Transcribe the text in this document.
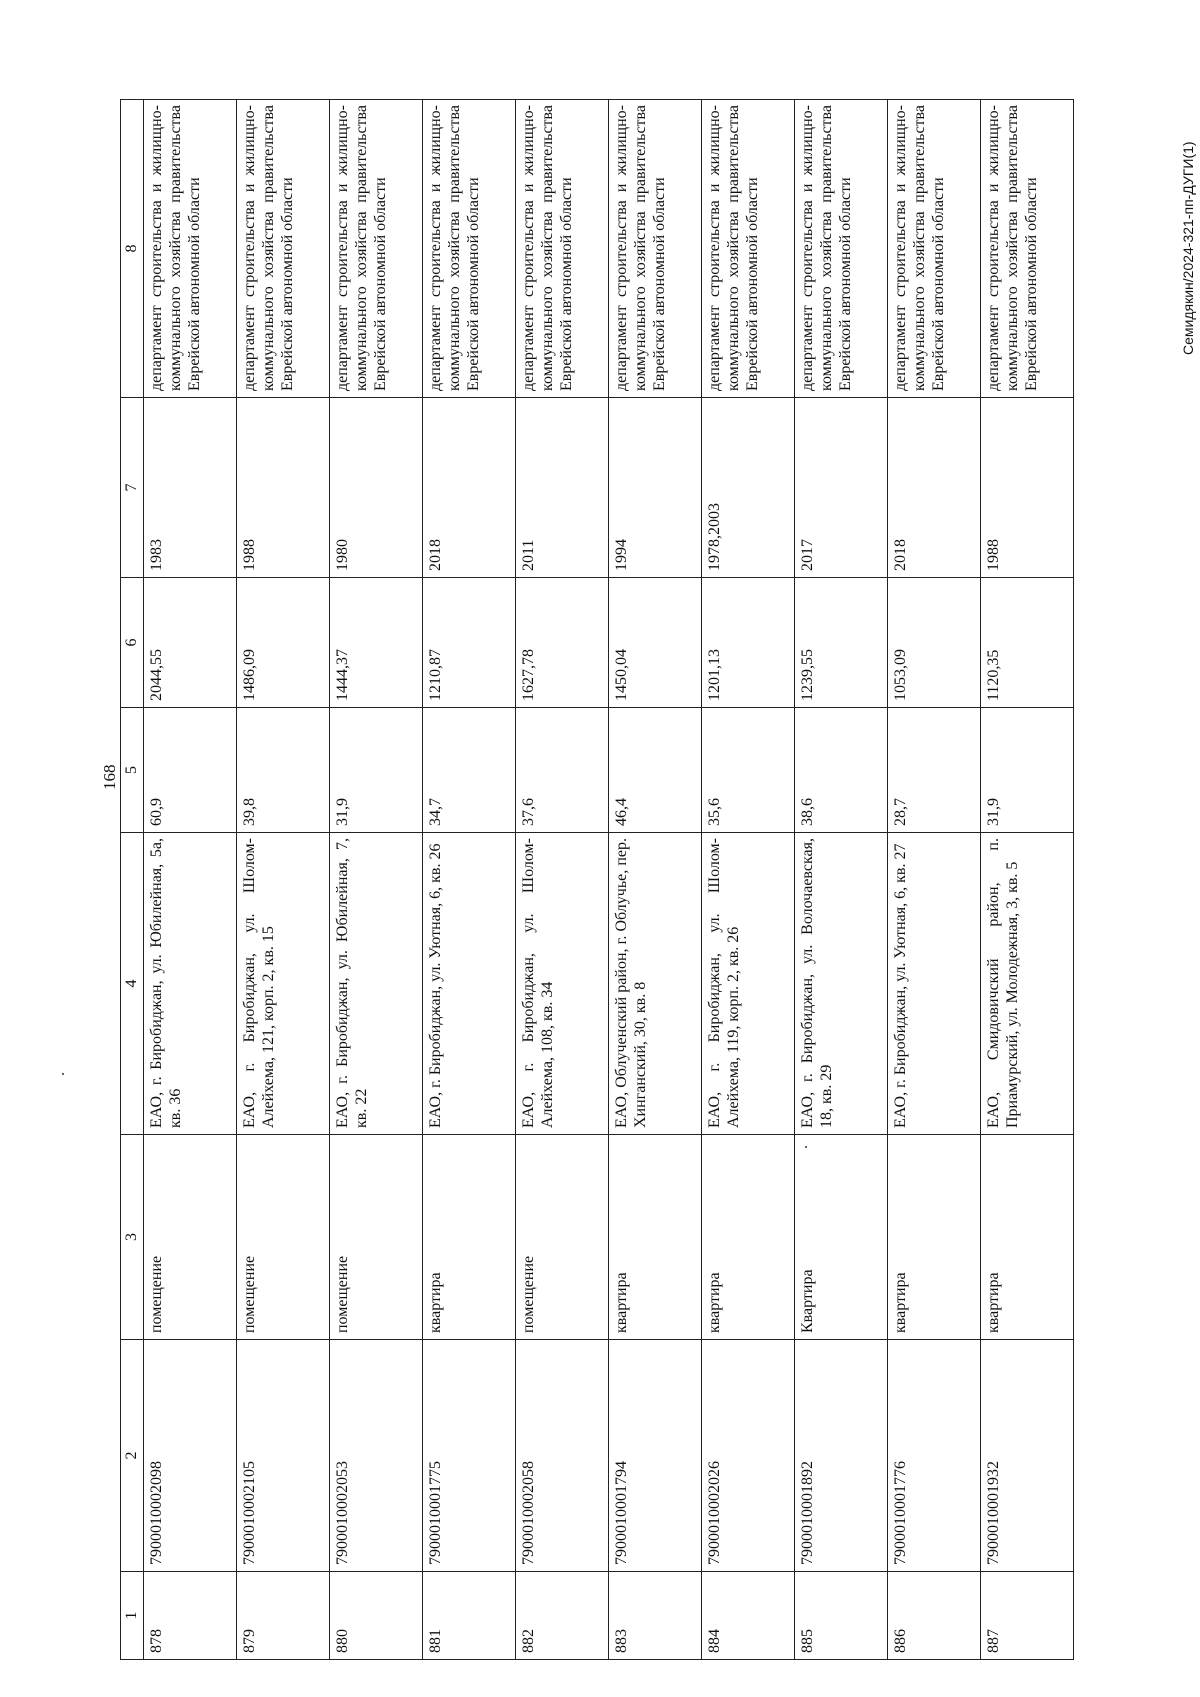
168
1	2	3	4	5	6	7	8
878	790001000209​8	помещение	ЕАО, г. Биробиджан, ул. Юбилейная, 5а, кв. 36	60,9	2044,55	1983	департамент строительства и жилищно-коммунального хозяйства правительства Еврейской автономной области
879	7900010002105	помещение	ЕАО, г. Биробиджан, ул. Шолом-Алейхема, 121, корп. 2, кв. 15	39,8	1486,09	1988	департамент строительства и жилищно-коммунального хозяйства правительства Еврейской автономной области
880	7900010002053	помещение	ЕАО, г. Биробиджан, ул. Юбилейная, 7, кв. 22	31,9	1444,37	1980	департамент строительства и жилищно-коммунального хозяйства правительства Еврейской автономной области
881	7900010001775	квартира	ЕАО, г. Биробиджан, ул. Уютная, 6, кв. 26	34,7	1210,87	2018	департамент строительства и жилищно-коммунального хозяйства правительства Еврейской автономной области
882	7900010002058	помещение	ЕАО, г. Биробиджан, ул. Шолом-Алейхема, 108, кв. 34	37,6	1627,78	2011	департамент строительства и жилищно-коммунального хозяйства правительства Еврейской автономной области
883	7900010001794	квартира	ЕАО, Облученский район, г. Облучье, пер. Хинганский, 30, кв. 8	46,4	1450,04	1994	департамент строительства и жилищно-коммунального хозяйства правительства Еврейской автономной области
884	7900010002026	квартира	ЕАО, г. Биробиджан, ул. Шолом-Алейхема, 119, корп. 2, кв. 26	35,6	1201,13	1978,2003	департамент строительства и жилищно-коммунального хозяйства правительства Еврейской автономной области
885	7900010001892	Квартира	ЕАО, г. Биробиджан, ул. Волочаевская, 18, кв. 29	38,6	1239,55	2017	департамент строительства и жилищно-коммунального хозяйства правительства Еврейской автономной области
886	7900010001776	квартира	ЕАО, г. Биробиджан, ул. Уютная, 6, кв. 27	28,7	1053,09	2018	департамент строительства и жилищно-коммунального хозяйства правительства Еврейской автономной области
887	7900010001932	квартира	ЕАО, Смидовичский район, п. Приамурский, ул. Молодежная, 3, кв. 5	31,9	1120,35	1988	департамент строительства и жилищно-коммунального хозяйства правительства Еврейской автономной области	Семидякин/2024-321-пп-ДУГИ(1)
